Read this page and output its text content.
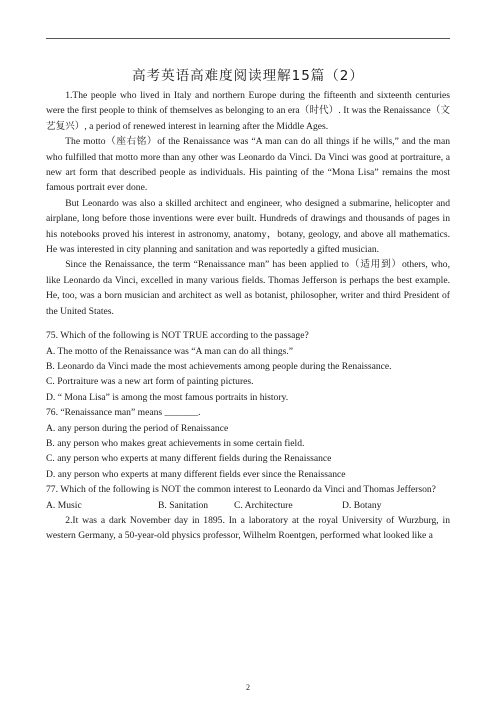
高考英语高难度阅读理解15篇（2）

1.The people who lived in Italy and northern Europe during the fifteenth and sixteenth centuries were the first people to think of themselves as belonging to an era（时代）. It was the Renaissance（文艺复兴）, a period of renewed interest in learning after the Middle Ages.

The motto（座右铭）of the Renaissance was “A man can do all things if he wills,” and the man who fulfilled that motto more than any other was Leonardo da Vinci. Da Vinci was good at portraiture, a new art form that described people as individuals. His painting of the “Mona Lisa” remains the most famous portrait ever done.

But Leonardo was also a skilled architect and engineer, who designed a submarine, helicopter and airplane, long before those inventions were ever built. Hundreds of drawings and thousands of pages in his notebooks proved his interest in astronomy, anatomy，botany, geology, and above all mathematics. He was interested in city planning and sanitation and was reportedly a gifted musician.

Since the Renaissance, the term “Renaissance man” has been applied to（适用到）others, who, like Leonardo da Vinci, excelled in many various fields. Thomas Jefferson is perhaps the best example. He, too, was a born musician and architect as well as botanist, philosopher, writer and third President of the United States.

75. Which of the following is NOT TRUE according to the passage?

A. The motto of the Renaissance was “A man can do all things.”

B. Leonardo da Vinci made the most achievements among people during the Renaissance.

C. Portraiture was a new art form of painting pictures.

D. “ Mona Lisa” is among the most famous portraits in history.

76. “Renaissance man” means _______.

A. any person during the period of Renaissance

B. any person who makes great achievements in some certain field.

C. any person who experts at many different fields during the Renaissance

D. any person who experts at many different fields ever since the Renaissance

77. Which of the following is NOT the common interest to Leonardo da Vinci and Thomas Jefferson?

A. Music	B. Sanitation	C. Architecture	D. Botany

2.It was a dark November day in 1895. In a laboratory at the royal University of Wurzburg, in western Germany, a 50-year-old physics professor, Wilhelm Roentgen, performed what looked like a

2
